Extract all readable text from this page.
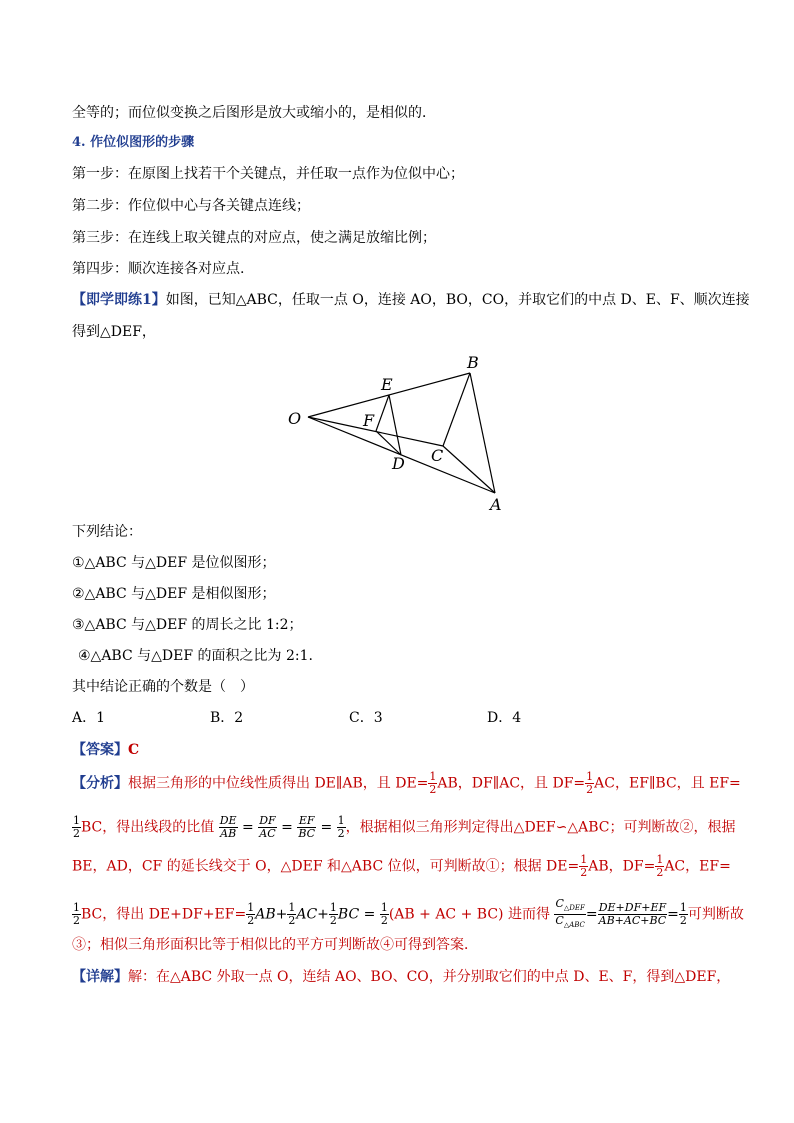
全等的；而位似变换之后图形是放大或缩小的，是相似的．
4. 作位似图形的步骤
第一步：在原图上找若干个关键点，并任取一点作为位似中心；
第二步：作位似中心与各关键点连线；
第三步：在连线上取关键点的对应点，使之满足放缩比例；
第四步：顺次连接各对应点.
【即学即练1】如图，已知△ABC，任取一点 O，连接 AO，BO，CO，并取它们的中点 D、E、F、顺次连接
得到△DEF，
O
B
A
C
D
E
F
下列结论：
①△ABC 与△DEF 是位似图形；
②△ABC 与△DEF 是相似图形；
③△ABC 与△DEF 的周长之比 1:2；
④△ABC 与△DEF 的面积之比为 2:1.
其中结论正确的个数是（　）
A．1	B．2	C．3	D．4
【答案】C
【分析】根据三角形的中位线性质得出 DE∥AB，且 $DE= \frac{1}{2}$ AB，DF∥AC，且 $DF= \frac{1}{2}$ AC，EF∥BC，且 EF=
$\frac{1}{2}$ BC，得出线段的比值 $\frac{DE}{AB} = \frac{DF}{AC} = \frac{EF}{BC} = \frac{1}{2}$ ，根据相似三角形判定得出△DEF∽△ABC；可判断故②，根据
BE，AD，CF 的延长线交于 O，△DEF 和△ABC 位似，可判断故①；根据 $DE= \frac{1}{2}$ AB，$DF= \frac{1}{2}$ AC，EF=
$\frac{1}{2}$ BC，得出 $DE+DF+EF= \frac{1}{2} AB+ \frac{1}{2} AC+ \frac{1}{2}$ BC = $\frac{1}{2} (AB$ + AC + BC) 进而得 $\frac{C_{\triangle DEF}}{C_{\triangle ABC}} = \frac{DE+DF+EF}{AB+AC+BC} = \frac{1}{2}$ 可判断故
③；相似三角形面积比等于相似比的平方可判断故④可得到答案．
【详解】解：在△ABC 外取一点 O，连结 AO、BO、CO，并分别取它们的中点 D、E、F，得到△DEF，
